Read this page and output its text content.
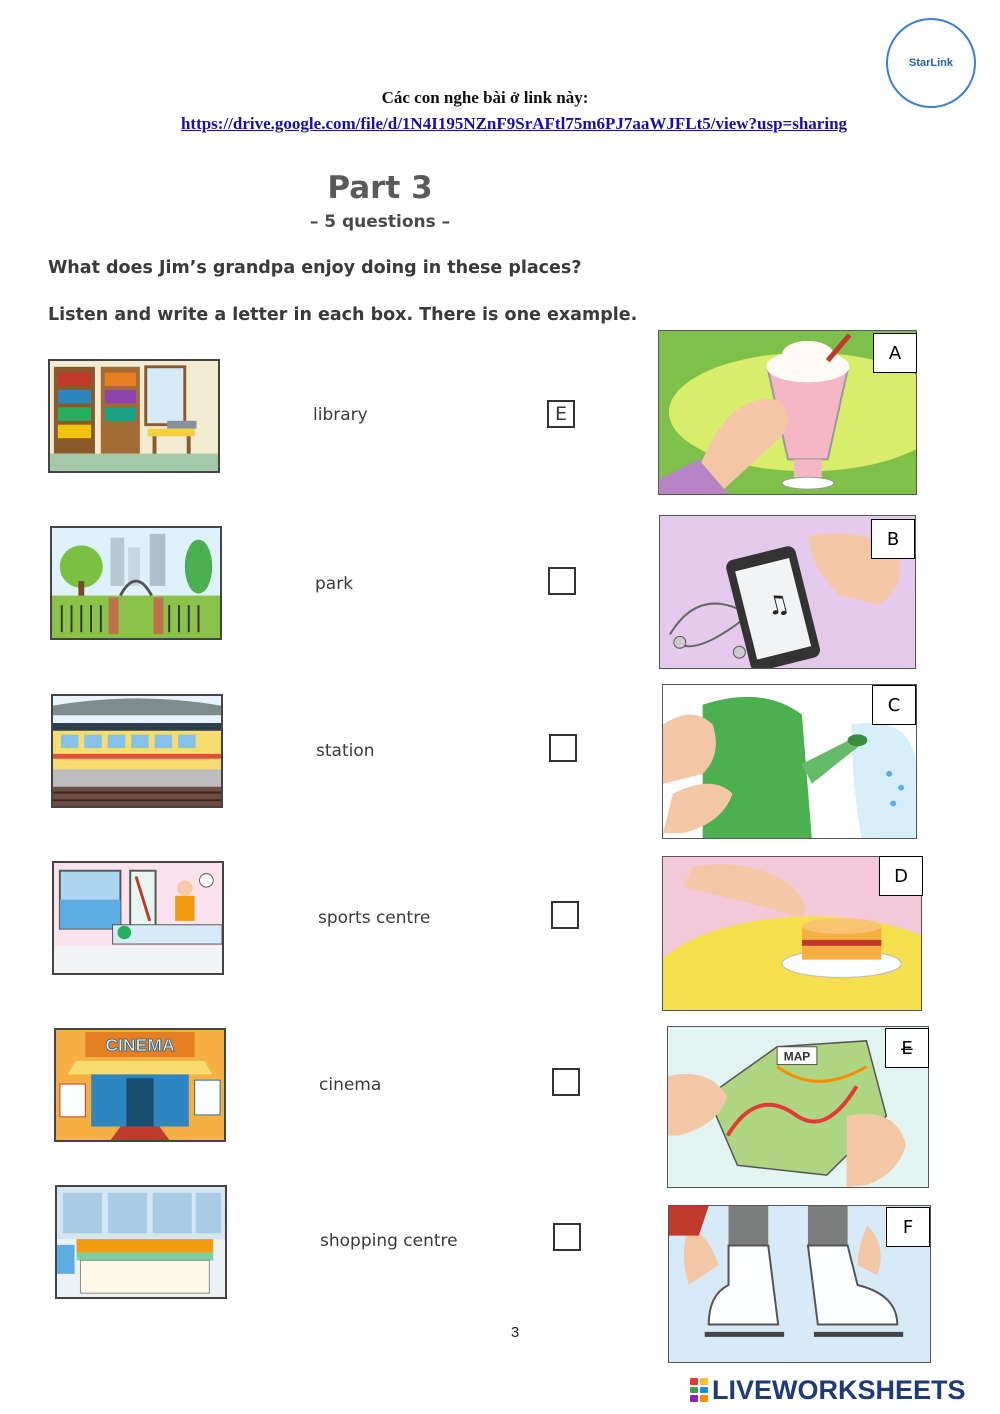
StarLink
Các con nghe bài ở link này:
https://drive.google.com/file/d/1N4I195NZnF9SrAFtl75m6PJ7aaWJFLt5/view?usp=sharing
Part 3
– 5 questions –
What does Jim’s grandpa enjoy doing in these places?
Listen and write a letter in each box. There is one example.
library	E
park
station
sports centre
CINEMA
cinema
shopping centre
A
♫
B
C
D
MAP	E̶
F
3
LIVEWORKSHEETS
